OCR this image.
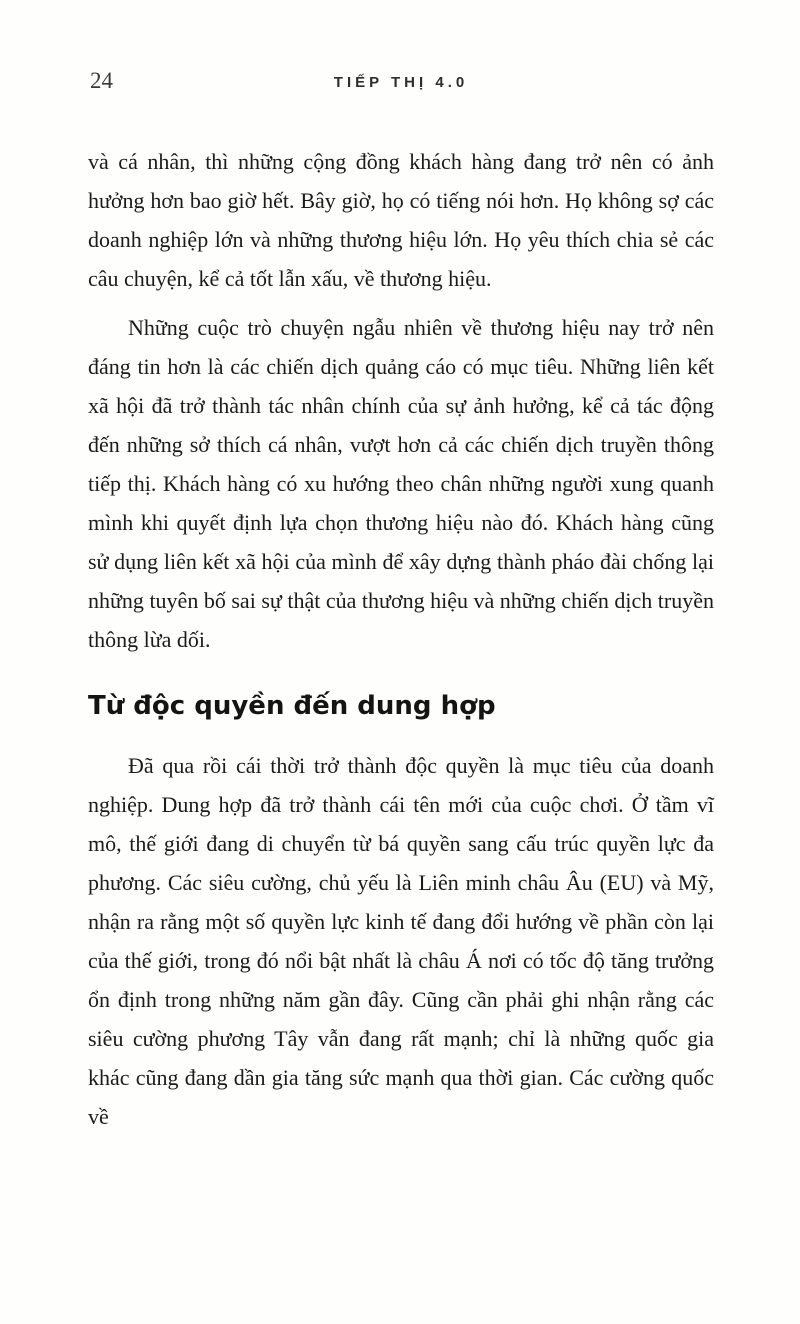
24	TIẾP THỊ 4.0

và cá nhân, thì những cộng đồng khách hàng đang trở nên có ảnh hưởng hơn bao giờ hết. Bây giờ, họ có tiếng nói hơn. Họ không sợ các doanh nghiệp lớn và những thương hiệu lớn. Họ yêu thích chia sẻ các câu chuyện, kể cả tốt lẫn xấu, về thương hiệu.

Những cuộc trò chuyện ngẫu nhiên về thương hiệu nay trở nên đáng tin hơn là các chiến dịch quảng cáo có mục tiêu. Những liên kết xã hội đã trở thành tác nhân chính của sự ảnh hưởng, kể cả tác động đến những sở thích cá nhân, vượt hơn cả các chiến dịch truyền thông tiếp thị. Khách hàng có xu hướng theo chân những người xung quanh mình khi quyết định lựa chọn thương hiệu nào đó. Khách hàng cũng sử dụng liên kết xã hội của mình để xây dựng thành pháo đài chống lại những tuyên bố sai sự thật của thương hiệu và những chiến dịch truyền thông lừa dối.

Từ độc quyền đến dung hợp

Đã qua rồi cái thời trở thành độc quyền là mục tiêu của doanh nghiệp. Dung hợp đã trở thành cái tên mới của cuộc chơi. Ở tầm vĩ mô, thế giới đang di chuyển từ bá quyền sang cấu trúc quyền lực đa phương. Các siêu cường, chủ yếu là Liên minh châu Âu (EU) và Mỹ, nhận ra rằng một số quyền lực kinh tế đang đổi hướng về phần còn lại của thế giới, trong đó nổi bật nhất là châu Á nơi có tốc độ tăng trưởng ổn định trong những năm gần đây. Cũng cần phải ghi nhận rằng các siêu cường phương Tây vẫn đang rất mạnh; chỉ là những quốc gia khác cũng đang dần gia tăng sức mạnh qua thời gian. Các cường quốc về
